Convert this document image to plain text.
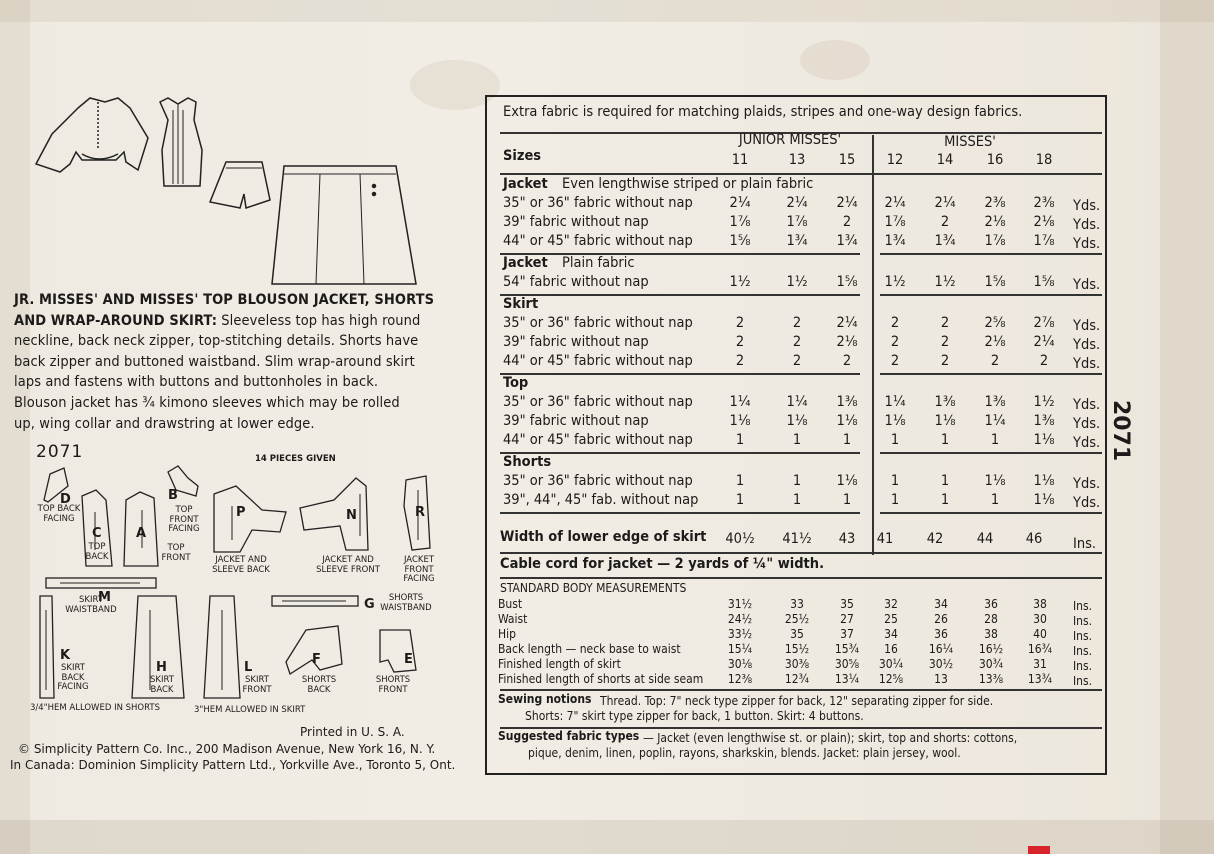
JR. MISSES' AND MISSES' TOP BLOUSON JACKET, SHORTS AND WRAP-AROUND SKIRT: Sleeveless top has high round
neckline, back neck zipper, top-stitching details. Shorts have
back zipper and buttoned waistband. Slim wrap-around skirt
laps and fastens with buttons and buttonholes in back.
Blouson jacket has ¾ kimono sleeves which may be rolled
up, wing collar and drawstring at lower edge.
2071	14 PIECES GIVEN
D
TOP BACK FACING
C
TOP BACK
A
TOP FRONT
B
TOP FRONT FACING
P
JACKET AND SLEEVE BACK
N
JACKET AND SLEEVE FRONT
R
JACKET FRONT FACING
M
SKIRT WAISTBAND	G	SHORTS WAISTBAND
K
SKIRT BACK FACING
H
SKIRT BACK
L
SKIRT FRONT
F
SHORTS BACK
E
SHORTS FRONT
3/4"HEM ALLOWED IN SHORTS	3"HEM ALLOWED IN SKIRT
Printed in U. S. A.
© Simplicity Pattern Co. Inc., 200 Madison Avenue, New York 16, N. Y.
In Canada: Dominion Simplicity Pattern Ltd., Yorkville Ave., Toronto 5, Ont.
2071
Extra fabric is required for matching plaids, stripes and one-way design fabrics.
JUNIOR MISSES'	MISSES'
Sizes	11	13 15 12 14 16 18
Jacket Even lengthwise striped or plain fabric
35" or 36" fabric without nap	2¼ 2¼ 2¼ 2¼ 2¼ 2⅜ 2⅜ Yds.
39" fabric without nap	1⅞ 1⅞ 2 1⅞ 2 2⅛ 2⅛ Yds.
44" or 45" fabric without nap	1⅝ 1¾ 1¾ 1¾ 1¾ 1⅞ 1⅞ Yds.
Jacket Plain fabric
54" fabric without nap	1½ 1½ 1⅝ 1½ 1½ 1⅝ 1⅝ Yds.
Skirt
35" or 36" fabric without nap	2	2 2¼ 2	2 2⅝ 2⅞ Yds.
39" fabric without nap	2	2 2⅛ 2	2 2⅛ 2¼ Yds.
44" or 45" fabric without nap	2	2	2	2	2	2	2 Yds.
Top
35" or 36" fabric without nap	1¼ 1¼ 1⅜ 1¼ 1⅜ 1⅜ 1½ Yds.
39" fabric without nap	1⅛ 1⅛ 1⅛ 1⅛ 1⅛ 1¼ 1⅜ Yds.
44" or 45" fabric without nap	1	1	1	1	1	1 1⅛ Yds.
Shorts
35" or 36" fabric without nap	1	1 1⅛ 1	1 1⅛ 1⅛ Yds.
39", 44", 45" fab. without nap	1	1	1	1	1	1 1⅛ Yds.
Width of lower edge of skirt 40½ 41½ 43 41 42 44 46 Ins.
Cable cord for jacket — 2 yards of ¼" width.
STANDARD BODY MEASUREMENTS
Bust	31½	33	35	32	34	36	38 Ins.
Waist	24½	25½	27	25	26	28	30 Ins.
Hip	33½	35	37	34	36	38	40 Ins.
Back length — neck base to waist	15¼	15½ 15¾ 16	16¼ 16½ 16¾ Ins.
Finished length of skirt	30⅛	30⅜ 30⅝ 30¼ 30½ 30¾	31 Ins.
Finished length of shorts at side seam 12⅜	12¾ 13¼ 12⅝	13	13⅜ 13¾ Ins.
Sewing notions Thread. Top: 7" neck type zipper for back, 12" separating zipper for side.
Shorts: 7" skirt type zipper for back, 1 button. Skirt: 4 buttons.
Suggested fabric types — Jacket (even lengthwise st. or plain); skirt, top and shorts: cottons,
pique, denim, linen, poplin, rayons, sharkskin, blends. Jacket: plain jersey, wool.
